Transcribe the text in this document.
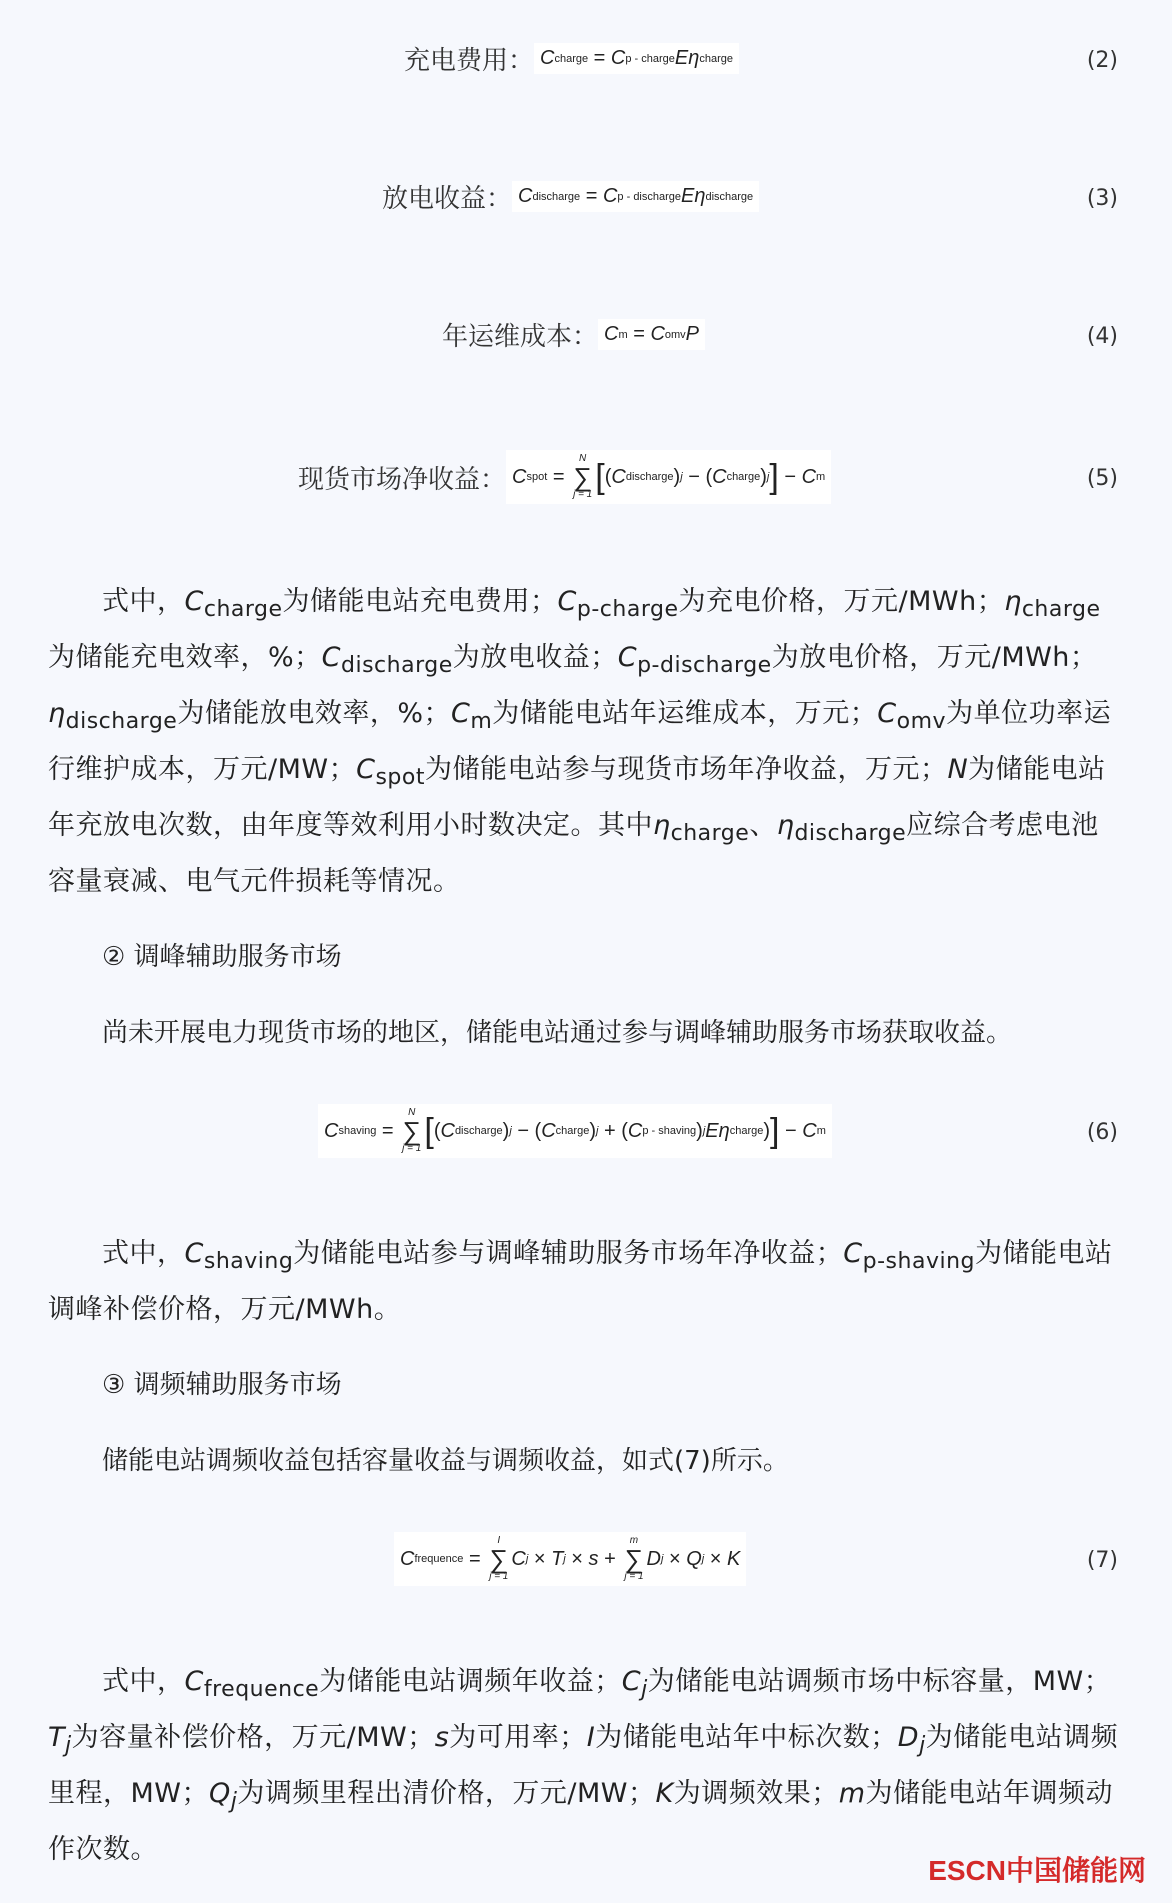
充电费用： C charge = C p - charge Eη charge	(2)
放电收益： C discharge = C p - discharge Eη discharge	(3)
年运维成本： C m = C omv P	(4)
现货市场净收益： C spot =
N
∑
j = 1 [ ( C discharge ) j − ( C charge ) j ] − C m	(5)
式中，$C_{charge}$为储能电站充电费用；$C_{p-charge}$为充电价格，万元/MWh；$\eta_{charge}$为储能充电效率，%；$C_{discharge}$为放电收益；$C_{p-discharge}$为放电价格，万元/MWh；$\eta_{discharge}$为储能放电效率，%；$C_m$为储能电站年运维成本，万元；$C_{omv}$为单位功率运行维护成本，万元/MW；$C_{spot}$为储能电站参与现货市场年净收益，万元；N为储能电站年充放电次数，由年度等效利用小时数决定。其中$\eta_{charge}$、$\eta_{discharge}$应综合考虑电池容量衰减、电气元件损耗等情况。
② 调峰辅助服务市场
尚未开展电力现货市场的地区，储能电站通过参与调峰辅助服务市场获取收益。
C shaving =
N
∑
j = 1 [ ( C discharge ) j − ( C charge ) j + ( C p - shaving ) j Eη charge ) ] − C m	(6)
式中，$C_{shaving}$为储能电站参与调峰辅助服务市场年净收益；$C_{p-shaving}$为储能电站调峰补偿价格，万元/MWh。
③ 调频辅助服务市场
储能电站调频收益包括容量收益与调频收益，如式(7)所示。
C frequence =
I
∑
j = 1
C j × T j × s +
m
∑
j = 1
D j × Q j × K	(7)
式中，$C_{frequence}$为储能电站调频年收益；$C_j$为储能电站调频市场中标容量，MW；$T_j$为容量补偿价格，万元/MW；s为可用率；I为储能电站年中标次数；$D_j$为储能电站调频里程，MW；$Q_j$为调频里程出清价格，万元/MW；K为调频效果；m为储能电站年调频动作次数。
ESCN中国储能网
